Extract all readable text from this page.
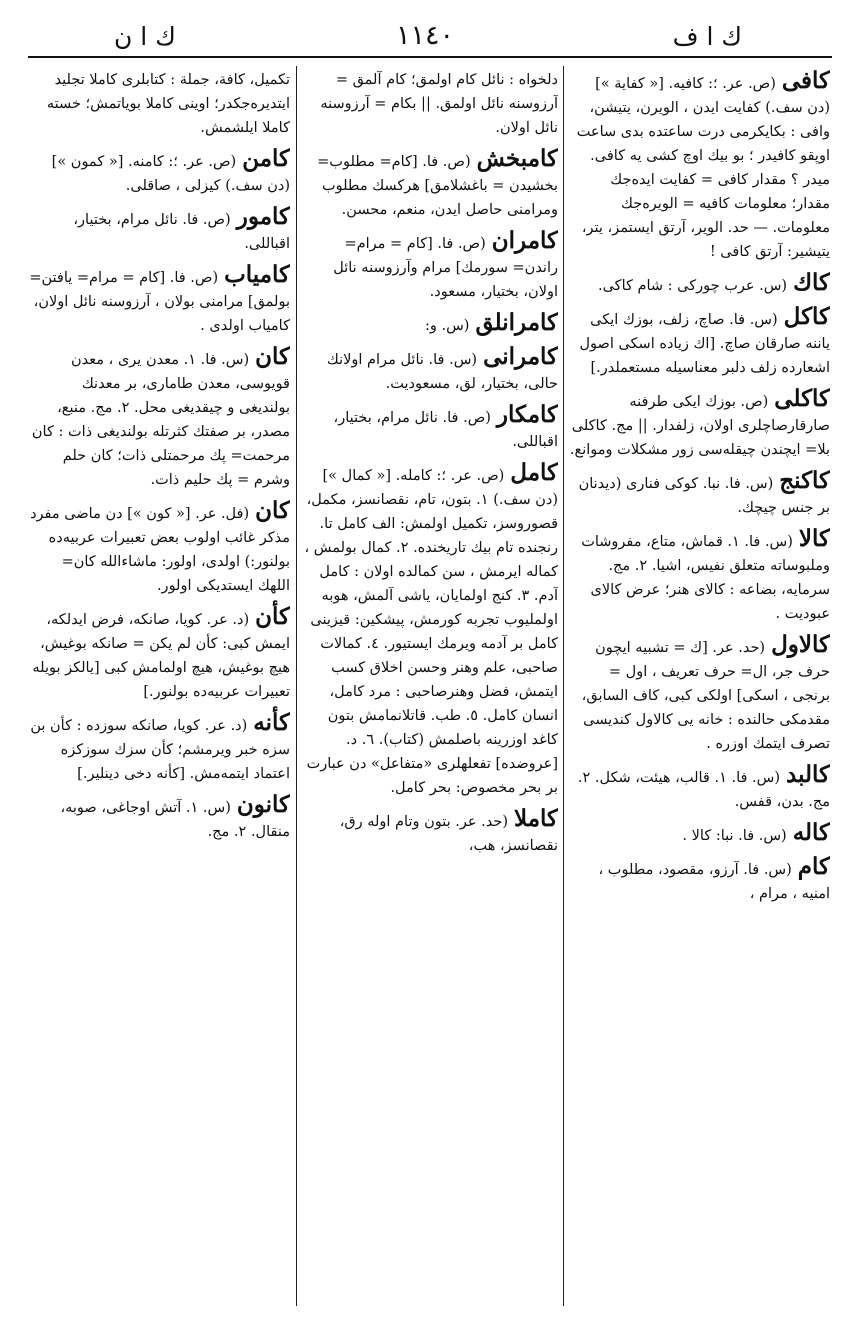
ك ا ن	١١٤٠	ك ا ف
كافى(ص. عر. ؛: كافيه. [« كفاية »] (دن سف.) كفايت ايدن ، الويرن، يتيشن، وافى : بكايكرمى درت ساعتده بدى ساعت اوپقو كافيدر ؛ بو بيك اوچ كشى يه كافى. ميدر ؟ مقدار كافى = كفايت ايدەجك مقدار؛ معلومات كافيه = الويرەجك معلومات. — حد. الوير، آرتق ايستمز، يتر، يتيشير: آرتق كافى !
كاك(س. عرب چوركى : شام كاكى.
كاكل(س. فا. صاچ، زلف، بوزك ايكى ياننه صارقان صاچ. [اك زيادە اسكى اصول اشعارده زلف دلبر معناسيله مستعملدر.]
كاكلى(ص. بوزك ايكى طرفنه صارقارصاچلرى اولان، زلفدار. || مج. كاكلى بلا= ايچندن چيقلەسى زور مشكلات وموانع.
كاكنج(س. فا. نبا. كوكى فنارى (ديدنان بر جنس چيچك.
كالا(س. فا. ١. قماش، متاع، مفروشات وملبوساته متعلق نفيس، اشيا. ٢. مج. سرمايه، بضاعه : كالاى هنر؛ عرض كالاى عبوديت .
كالاول(حد. عر. [ك = تشبيه ايچون حرف جر، ال= حرف تعريف ، اول = برنجى ، اسكى] اولكى كبى، كاف السابق، مقدمكى حالنده : خانه يى كالاول كنديسى تصرف ايتمك اوزره .
كالبد(س. فا. ١. قالب، هيئت، شكل. ٢. مج. بدن، قفس.
كاله(س. فا. نبا: كالا .
كام(س. فا. آرزو، مقصود، مطلوب ، امنيه ، مرام ،
دلخواه : نائل كام اولمق؛ كام آلمق = آرزوسنه نائل اولمق. || بكام = آرزوسنه نائل اولان.
كامبخش(ص. فا. [كام= مطلوب= بخشيدن = باغشلامق] هركسك مطلوب ومرامنى حاصل ايدن، منعم، محسن.
كامران(ص. فا. [كام = مرام= راندن= سورمك] مرام وآرزوسنه نائل اولان، بختيار، مسعود.
كامرانلق(س. و:
كامرانى(س. فا. نائل مرام اولانك حالى، بختيار، لق، مسعوديت.
كامكار(ص. فا. نائل مرام، بختيار، اقباللى.
كامل(ص. عر. ؛: كامله. [« كمال »] (دن سف.) ١. بتون، تام، نقصانسز، مكمل، قصوروسز، تكميل اولمش: الف كامل تا. رنجنده تام بيك تاريخنده. ٢. كمال بولمش ، كماله ايرمش ، سن كمالده اولان : كامل آدم. ٣. كنج اولمايان، ياشى آلمش، هوبه اولمليوب تجربه كورمش، پيشكين: قيزينى كامل بر آدمه ويرمك ايستيور. ٤. كمالات صاحبى، علم وهنر وحسن اخلاق كسب ايتمش، فضل وهنرصاحبى : مرد كامل، انسان كامل. ٥. طب. قاتلانمامش بتون كاغد اوزرينه باصلمش (كتاب). ٦. د. [عروضده] تفعلهلرى «متفاعل» دن عبارت بر بحر مخصوص: بحر كامل.
كاملا(حد. عر. بتون وتام اوله رق، نقصانسز، هب،
تكميل، كافة، جملة : كتابلرى كاملا تجليد ايتديرەجكدر؛ اوينى كاملا بوياتمش؛ خستە كاملا ايلشمش.
كامن(ص. عر. ؛: كامنه. [« كمون »] (دن سف.) كيزلى ، صاقلى.
كامور(ص. فا. نائل مرام، بختيار، اقباللى.
كامياب(ص. فا. [كام = مرام= يافتن= بولمق] مرامنى بولان ، آرزوسنه نائل اولان، كامياب اولدى .
كان(س. فا. ١. معدن يرى ، معدن قويوسى، معدن طامارى، بر معدنك بولنديغى و چيقديغى محل. ٢. مج. منبع، مصدر، بر صفتك كثرتله بولنديغى ذات : كان مرحمت= پك مرحمتلى ذات؛ كان حلم وشرم = پك حليم ذات.
كان(فل. عر. [« كون »] دن ماضى مفرد مذكر غائب اولوب بعض تعبيرات عربيەده بولنور:) اولدى، اولور: ماشاءالله كان= اللهك ايستديكى اولور.
كأن(د. عر. كويا، صانكه، فرض ايدلكه، ايمش كبى: كأن لم يكن = صانكه بوغيش، هيچ بوغيش، هيچ اولمامش كبى [يالكز بويله تعبيرات عربيەده بولنور.]
كأنه(د. عر. كويا، صانكه سوزده : كأن بن سزه خبر ويرمشم؛ كأن سزك سوزكزه اعتماد ايتمەمش. [كأنه دخى دينلير.]
كانون(س. ١. آتش اوجاغى، صوبه، منقال. ٢. مج.
